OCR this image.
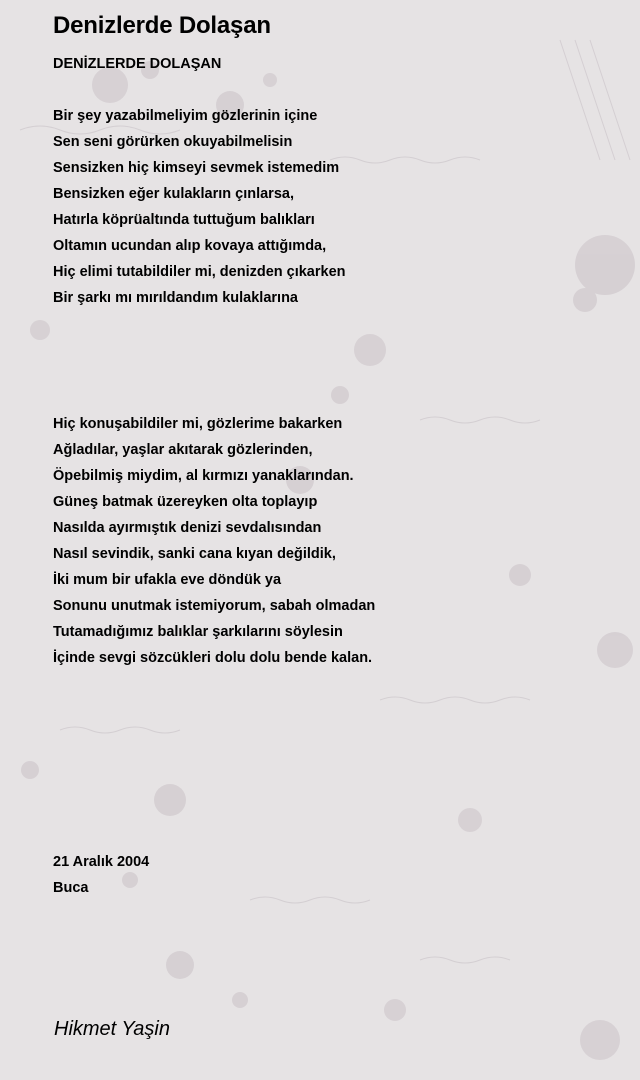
Denizlerde Dolaşan
DENİZLERDE DOLAŞAN
Bir şey yazabilmeliyim gözlerinin içine
Sen seni görürken okuyabilmelisin
Sensizken hiç kimseyi sevmek istemedim
Bensizken eğer kulakların çınlarsa,
Hatırla köprüaltında tuttuğum balıkları
Oltamın ucundan alıp kovaya attığımda,
Hiç elimi tutabildiler mi, denizden çıkarken
Bir şarkı mı mırıldandım kulaklarına
Hiç konuşabildiler mi, gözlerime bakarken
Ağladılar, yaşlar akıtarak gözlerinden,
Öpebilmiş miydim, al kırmızı yanaklarından.
Güneş batmak üzereyken olta toplayıp
Nasılda ayırmıştık denizi sevdalısından
Nasıl sevindik, sanki cana kıyan değildik,
İki mum bir ufakla eve döndük ya
Sonunu unutmak istemiyorum, sabah olmadan
Tutamadığımız balıklar şarkılarını söylesin
İçinde sevgi sözcükleri dolu dolu bende kalan.
21 Aralık 2004
Buca
Hikmet Yaşin
